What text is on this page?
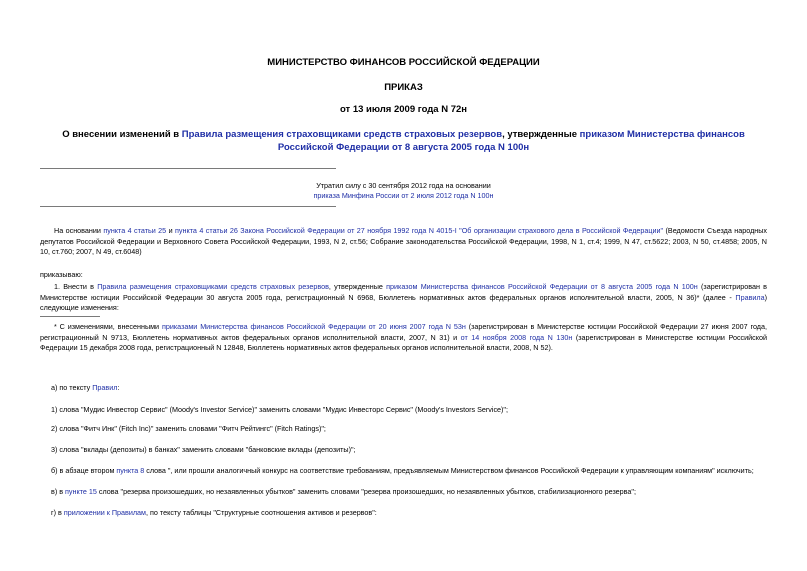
МИНИСТЕРСТВО ФИНАНСОВ РОССИЙСКОЙ ФЕДЕРАЦИИ
ПРИКАЗ
от 13 июля 2009 года N 72н
О внесении изменений в Правила размещения страховщиками средств страховых резервов, утвержденные приказом Министерства финансов Российской Федерации от 8 августа 2005 года N 100н
Утратил силу с 30 сентября 2012 года на основании
приказа Минфина России от 2 июля 2012 года N 100н
На основании пункта 4 статьи 25 и пункта 4 статьи 26 Закона Российской Федерации от 27 ноября 1992 года N 4015-I "Об организации страхового дела в Российской Федерации" (Ведомости Съезда народных депутатов Российской Федерации и Верховного Совета Российской Федерации, 1993, N 2, ст.56; Собрание законодательства Российской Федерации, 1998, N 1, ст.4; 1999, N 47, ст.5622; 2003, N 50, ст.4858; 2005, N 10, ст.760; 2007, N 49, ст.6048)
приказываю:
1. Внести в Правила размещения страховщиками средств страховых резервов, утвержденные приказом Министерства финансов Российской Федерации от 8 августа 2005 года N 100н (зарегистрирован в Министерстве юстиции Российской Федерации 30 августа 2005 года, регистрационный N 6968, Бюллетень нормативных актов федеральных органов исполнительной власти, 2005, N 36)* (далее - Правила) следующие изменения:
* С изменениями, внесенными приказами Министерства финансов Российской Федерации от 20 июня 2007 года N 53н (зарегистрирован в Министерстве юстиции Российской Федерации 27 июня 2007 года, регистрационный N 9713, Бюллетень нормативных актов федеральных органов исполнительной власти, 2007, N 31) и от 14 ноября 2008 года N 130н (зарегистрирован в Министерстве юстиции Российской Федерации 15 декабря 2008 года, регистрационный N 12848, Бюллетень нормативных актов федеральных органов исполнительной власти, 2008, N 52).
а) по тексту Правил:
1) слова "Мудис Инвестор Сервис" (Moody's Investor Service)" заменить словами "Мудис Инвесторс Сервис" (Moody's Investors Service)";
2) слова "Фитч Инк" (Fitch Inc)" заменить словами "Фитч Рейтингс" (Fitch Ratings)";
3) слова "вклады (депозиты) в банках" заменить словами "банковские вклады (депозиты)";
б) в абзаце втором пункта 8 слова ", или прошли аналогичный конкурс на соответствие требованиям, предъявляемым Министерством финансов Российской Федерации к управляющим компаниям" исключить;
в) в пункте 15 слова "резерва произошедших, но незаявленных убытков" заменить словами "резерва произошедших, но незаявленных убытков, стабилизационного резерва";
г) в приложении к Правилам, по тексту таблицы "Структурные соотношения активов и резервов":
